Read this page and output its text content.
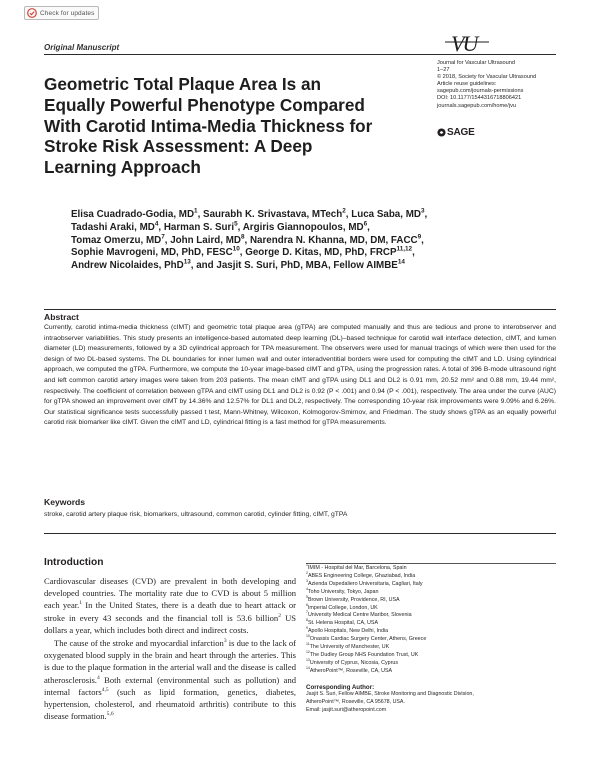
Check for updates
Original Manuscript	VU
Journal for Vascular Ultrasound
1–27
© 2018, Society for Vascular Ultrasound
Article reuse guidelines:
sagepub.com/journals-permissions
DOI: 10.1177/1544316718806421
journals.sagepub.com/home/jvu
SAGE
Geometric Total Plaque Area Is an Equally Powerful Phenotype Compared With Carotid Intima-Media Thickness for Stroke Risk Assessment: A Deep Learning Approach
Elisa Cuadrado-Godia, $MD^1$, Saurabh K. Srivastava, MTech$^2$, Luca Saba, $MD^3$,
Tadashi Araki, $MD^4$, Harman S. Suri$^5$, Argiris Giannopoulos, $MD^6$,
Tomaz Omerzu, $MD^7$, John Laird, $MD^8$, Narendra N. Khanna, MD, DM, FACC$^9$,
Sophie Mavrogeni, MD, PhD, FESC$^{10}$, George D. Kitas, MD, PhD, FRCP$^{11,12}$,
Andrew Nicolaides, PhD$^{13}$, and Jasjit S. Suri, PhD, MBA, Fellow AIMBE$^{14}$
Abstract

Currently, carotid intima-media thickness (cIMT) and geometric total plaque area (gTPA) are computed manually and thus are tedious and prone to interobserver and intraobserver variabilities. This study presents an intelligence-based automated deep learning (DL)–based technique for carotid wall interface detection, cIMT, and lumen diameter (LD) measurements, followed by a 3D cylindrical approach for TPA measurement. The observers were used for manual tracings of which were then used for the design of two DL-based systems. The DL boundaries for inner lumen wall and outer interadventitial borders were used for computing the cIMT and LD. Using cylindrical approach, we computed the gTPA. Furthermore, we compute the 10-year image-based cIMT and gTPA, using the progression rates. A total of 396 B-mode ultrasound right and left common carotid artery images were taken from 203 patients. The mean cIMT and gTPA using DL1 and DL2 is 0.91 mm, 20.52 mm² and 0.88 mm, 19.44 mm², respectively. The coefficient of correlation between gTPA and cIMT using DL1 and DL2 is 0.92 (P < .001) and 0.94 (P < .001), respectively. The area under the curve (AUC) for gTPA showed an improvement over cIMT by 14.36% and 12.57% for DL1 and DL2, respectively. The corresponding 10-year risk improvements were 9.09% and 6.26%. Our statistical significance tests successfully passed t test, Mann-Whitney, Wilcoxon, Kolmogorov-Smirnov, and Friedman. The study shows gTPA as an equally powerful carotid risk biomarker like cIMT. Given the cIMT and LD, cylindrical fitting is a fast method for gTPA measurements.

Keywords

stroke, carotid artery plaque risk, biomarkers, ultrasound, common carotid, cylinder fitting, cIMT, gTPA

Introduction

Cardiovascular diseases (CVD) are prevalent in both developing and developed countries. The mortality rate due to CVD is about 5 million each year.$^1$ In the United States, there is a death due to heart attack or stroke in every 43 seconds and the financial toll is 53.6 billion$^2$ US dollars a year, which includes both direct and indirect costs.

The cause of the stroke and myocardial infarction$^3$ is due to the lack of oxygenated blood supply in the brain and heart through the arteries. This is due to the plaque formation in the arterial wall and the disease is called atherosclerosis.$^4$ Both external (environmental such as pollution) and internal factors$^{4,5}$ (such as lipid formation, genetics, diabetes, hypertension, cholesterol, and rheumatoid arthritis) contribute to this disease formation.$^{5,6}$

$^1$IMIM - Hospital del Mar, Barcelona, Spain
$^2$ABES Engineering College, Ghaziabad, India
$^3$Azienda Ospedaliero Universitaria, Cagliari, Italy
$^4$Toho University, Tokyo, Japan
$^5$Brown University, Providence, RI, USA
$^6$Imperial College, London, UK
$^7$University Medical Centre Maribor, Slovenia
$^8$St. Helena Hospital, CA, USA
$^9$Apollo Hospitals, New Delhi, India
$^{10}$Onassis Cardiac Surgery Center, Athens, Greece
$^{11}$The University of Manchester, UK
$^{12}$The Dudley Group NHS Foundation Trust, UK
$^{13}$University of Cyprus, Nicosia, Cyprus
$^{14}$AtheroPoint™, Roseville, CA, USA
Corresponding Author:
Jasjit S. Suri, Fellow AIMBE, Stroke Monitoring and Diagnostic Division,
AtheroPoint™, Roseville, CA 95678, USA.
Email: jasjit.suri@atheropoint.com
